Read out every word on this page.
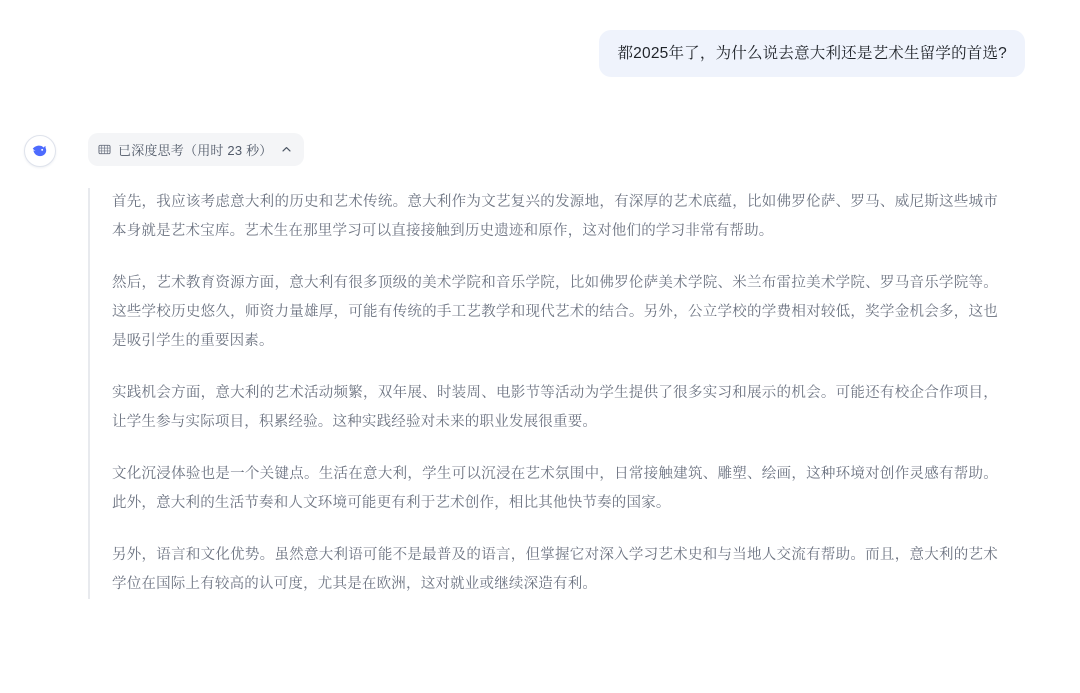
都2025年了，为什么说去意大利还是艺术生留学的首选?
已深度思考（用时 23 秒）

首先，我应该考虑意大利的历史和艺术传统。意大利作为文艺复兴的发源地，有深厚的艺术底蕴，比如佛罗伦萨、罗马、威尼斯这些城市本身就是艺术宝库。艺术生在那里学习可以直接接触到历史遗迹和原作，这对他们的学习非常有帮助。

然后，艺术教育资源方面，意大利有很多顶级的美术学院和音乐学院，比如佛罗伦萨美术学院、米兰布雷拉美术学院、罗马音乐学院等。这些学校历史悠久，师资力量雄厚，可能有传统的手工艺教学和现代艺术的结合。另外，公立学校的学费相对较低，奖学金机会多，这也是吸引学生的重要因素。

实践机会方面，意大利的艺术活动频繁，双年展、时装周、电影节等活动为学生提供了很多实习和展示的机会。可能还有校企合作项目，让学生参与实际项目，积累经验。这种实践经验对未来的职业发展很重要。

文化沉浸体验也是一个关键点。生活在意大利，学生可以沉浸在艺术氛围中，日常接触建筑、雕塑、绘画，这种环境对创作灵感有帮助。此外，意大利的生活节奏和人文环境可能更有利于艺术创作，相比其他快节奏的国家。

另外，语言和文化优势。虽然意大利语可能不是最普及的语言，但掌握它对深入学习艺术史和与当地人交流有帮助。而且，意大利的艺术学位在国际上有较高的认可度，尤其是在欧洲，这对就业或继续深造有利。
